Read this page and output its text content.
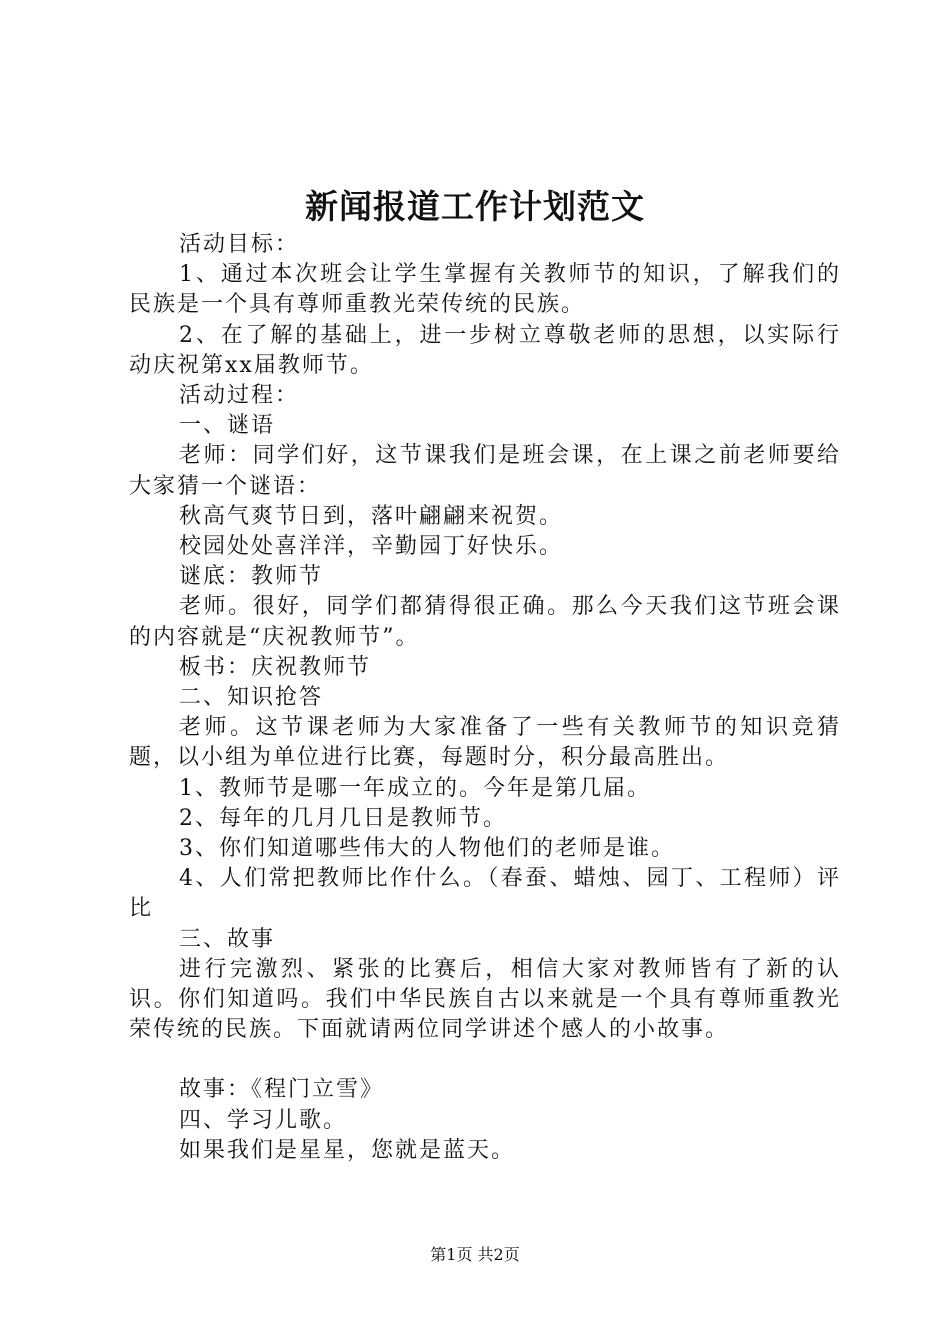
新闻报道工作计划范文

活动目标：

1、通过本次班会让学生掌握有关教师节的知识，了解我们的民族是一个具有尊师重教光荣传统的民族。

2、在了解的基础上，进一步树立尊敬老师的思想，以实际行动庆祝第xx届教师节。

活动过程：

一、谜语

老师：同学们好，这节课我们是班会课，在上课之前老师要给大家猜一个谜语：

秋高气爽节日到，落叶翩翩来祝贺。

校园处处喜洋洋，辛勤园丁好快乐。

谜底：教师节

老师。很好，同学们都猜得很正确。那么今天我们这节班会课的内容就是“庆祝教师节”。

板书：庆祝教师节

二、知识抢答

老师。这节课老师为大家准备了一些有关教师节的知识竞猜题，以小组为单位进行比赛，每题时分，积分最高胜出。

1、教师节是哪一年成立的。今年是第几届。

2、每年的几月几日是教师节。

3、你们知道哪些伟大的人物他们的老师是谁。

4、人们常把教师比作什么。（春蚕、蜡烛、园丁、工程师）评比

三、故事

进行完激烈、紧张的比赛后，相信大家对教师皆有了新的认识。你们知道吗。我们中华民族自古以来就是一个具有尊师重教光荣传统的民族。下面就请两位同学讲述个感人的小故事。

故事：《程门立雪》

四、学习儿歌。

如果我们是星星，您就是蓝天。

第1页 共2页
